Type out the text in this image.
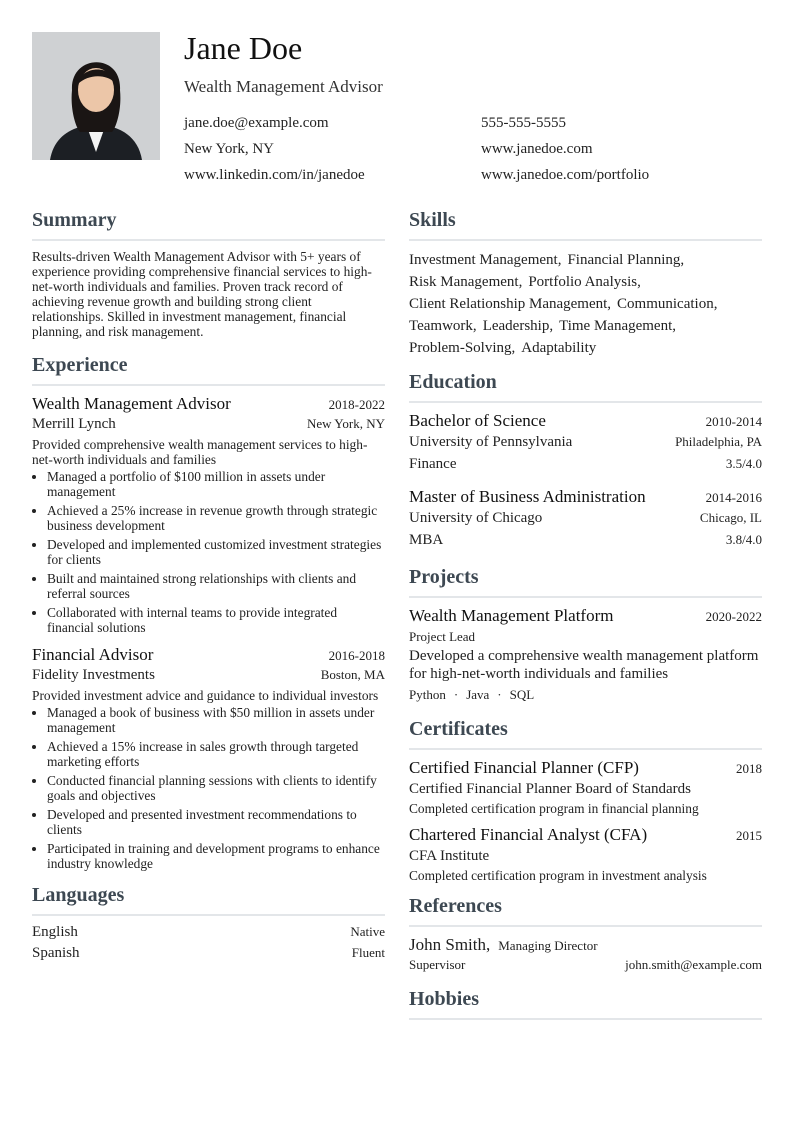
Jane Doe
Wealth Management Advisor
jane.doe@example.com	555-555-5555
New York, NY	www.janedoe.com
www.linkedin.com/in/janedoe	www.janedoe.com/portfolio
Summary

Results-driven Wealth Management Advisor with 5+ years of experience providing comprehensive financial services to high-net-worth individuals and families. Proven track record of achieving revenue growth and building strong client relationships. Skilled in investment management, financial planning, and risk management.

Experience
Wealth Management Advisor	2018-2022
Merrill Lynch	New York, NY

Provided comprehensive wealth management services to high-net-worth individuals and families

• Managed a portfolio of $100 million in assets under management
• Achieved a 25% increase in revenue growth through strategic business development
• Developed and implemented customized investment strategies for clients
• Built and maintained strong relationships with clients and referral sources
• Collaborated with internal teams to provide integrated financial solutions
Financial Advisor	2016-2018
Fidelity Investments	Boston, MA

Provided investment advice and guidance to individual investors

• Managed a book of business with $50 million in assets under management
• Achieved a 15% increase in sales growth through targeted marketing efforts
• Conducted financial planning sessions with clients to identify goals and objectives
• Developed and presented investment recommendations to clients
• Participated in training and development programs to enhance industry knowledge
Languages
English	Native
Spanish	Fluent
Skills
Investment Management, Financial Planning,
Risk Management, Portfolio Analysis,
Client Relationship Management, Communication,
Teamwork, Leadership, Time Management,
Problem-Solving, Adaptability
Education
Bachelor of Science	2010-2014
University of Pennsylvania	Philadelphia, PA
Finance	3.5/4.0
Master of Business Administration	2014-2016
University of Chicago	Chicago, IL
MBA	3.8/4.0
Projects
Wealth Management Platform	2020-2022
Project Lead
Developed a comprehensive wealth management platform for high-net-worth individuals and families
Python · Java · SQL
Certificates
Certified Financial Planner (CFP)	2018
Certified Financial Planner Board of Standards

Completed certification program in financial planning

Chartered Financial Analyst (CFA)	2015
CFA Institute

Completed certification program in investment analysis

References
John Smith, Managing Director
Supervisor	john.smith@example.com
Hobbies
